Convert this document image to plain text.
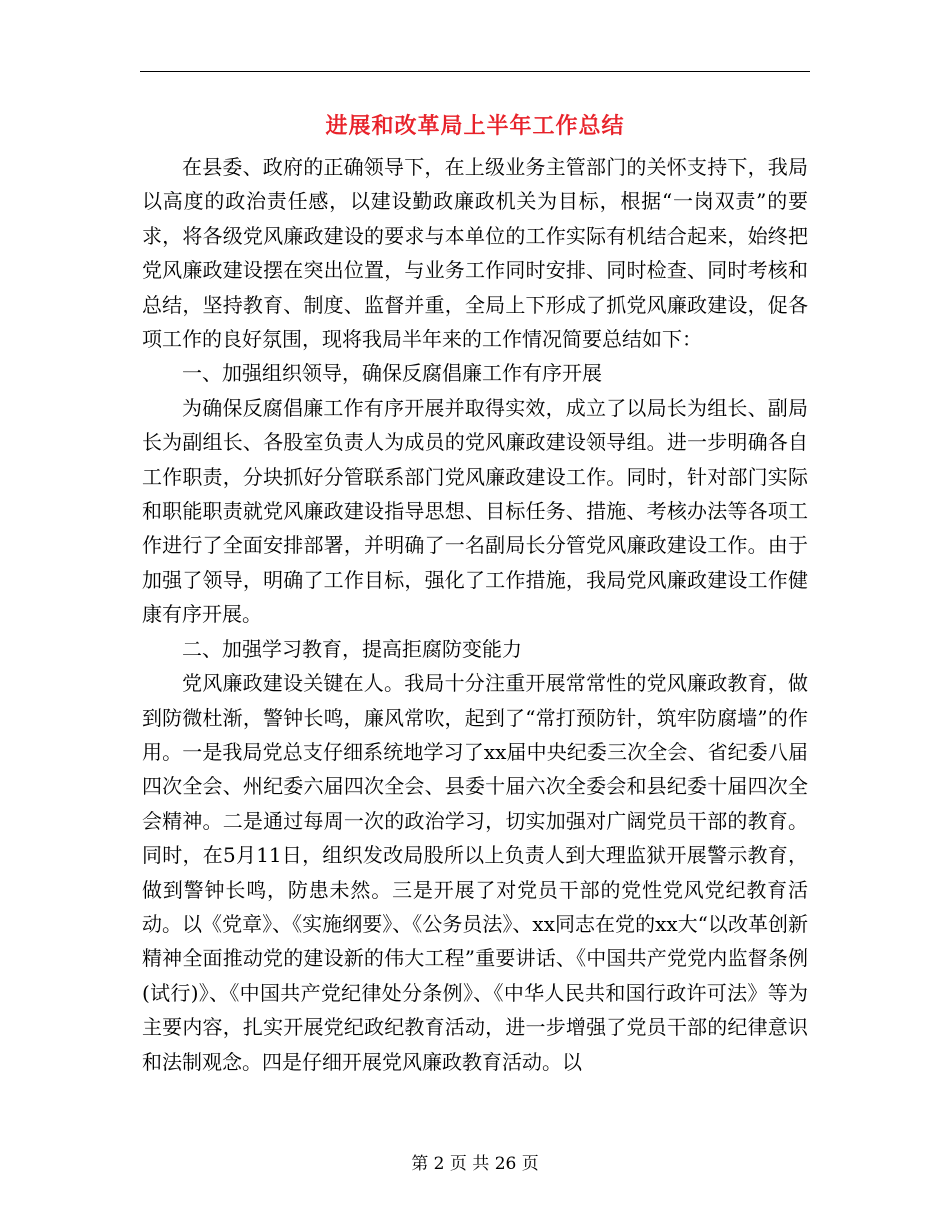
进展和改革局上半年工作总结

在县委、政府的正确领导下，在上级业务主管部门的关怀支持下，我局以高度的政治责任感，以建设勤政廉政机关为目标，根据“一岗双责”的要求，将各级党风廉政建设的要求与本单位的工作实际有机结合起来，始终把党风廉政建设摆在突出位置，与业务工作同时安排、同时检查、同时考核和总结，坚持教育、制度、监督并重，全局上下形成了抓党风廉政建设，促各项工作的良好氛围，现将我局半年来的工作情况简要总结如下：

一、加强组织领导，确保反腐倡廉工作有序开展

为确保反腐倡廉工作有序开展并取得实效，成立了以局长为组长、副局长为副组长、各股室负责人为成员的党风廉政建设领导组。进一步明确各自工作职责，分块抓好分管联系部门党风廉政建设工作。同时，针对部门实际和职能职责就党风廉政建设指导思想、目标任务、措施、考核办法等各项工作进行了全面安排部署，并明确了一名副局长分管党风廉政建设工作。由于加强了领导，明确了工作目标，强化了工作措施，我局党风廉政建设工作健康有序开展。

二、加强学习教育，提高拒腐防变能力

党风廉政建设关键在人。我局十分注重开展常常性的党风廉政教育，做到防微杜渐，警钟长鸣，廉风常吹，起到了“常打预防针，筑牢防腐墙”的作用。一是我局党总支仔细系统地学习了xx届中央纪委三次全会、省纪委八届四次全会、州纪委六届四次全会、县委十届六次全委会和县纪委十届四次全会精神。二是通过每周一次的政治学习，切实加强对广阔党员干部的教育。同时，在5月11日，组织发改局股所以上负责人到大理监狱开展警示教育，做到警钟长鸣，防患未然。三是开展了对党员干部的党性党风党纪教育活动。以《党章》、《实施纲要》、《公务员法》、xx同志在党的xx大“以改革创新精神全面推动党的建设新的伟大工程”重要讲话、《中国共产党党内监督条例(试行)》、《中国共产党纪律处分条例》、《中华人民共和国行政许可法》等为主要内容，扎实开展党纪政纪教育活动，进一步增强了党员干部的纪律意识和法制观念。四是仔细开展党风廉政教育活动。以

第 2 页 共 26 页
